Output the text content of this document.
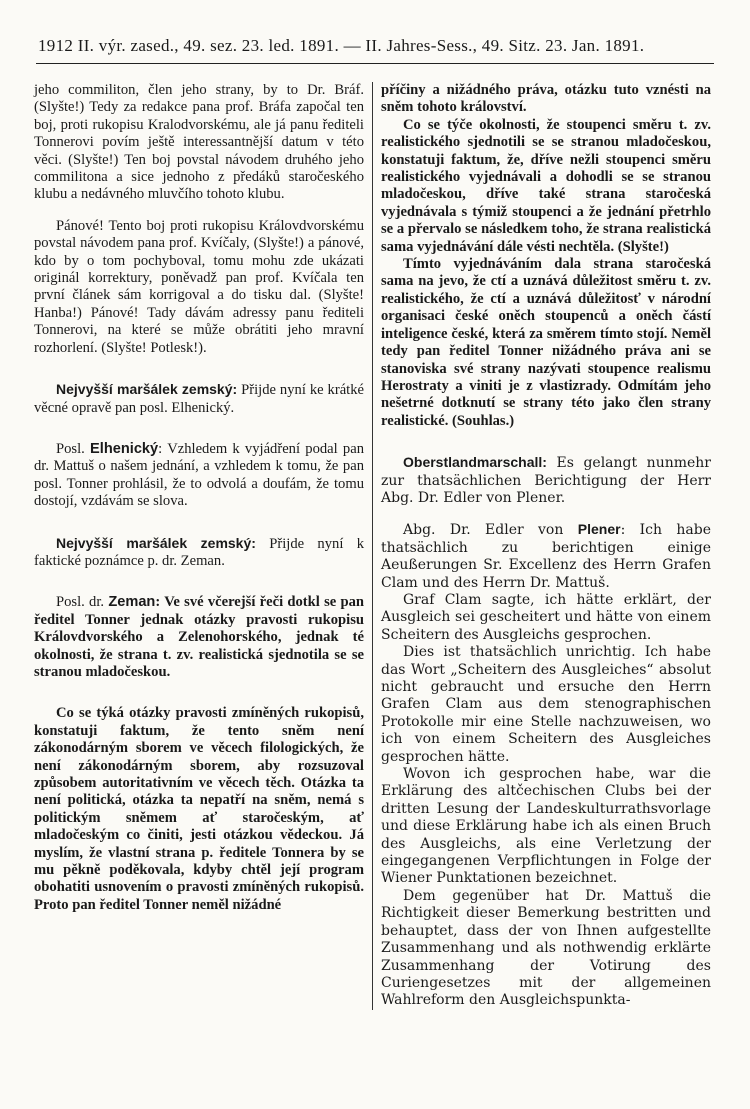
1912 II. výr. zased., 49. sez. 23. led. 1891. — II. Jahres-Sess., 49. Sitz. 23. Jan. 1891.

jeho commiliton, člen jeho strany, by to Dr. Bráf. (Slyšte!) Tedy za redakce pana prof. Bráfa započal ten boj, proti rukopisu Kralodvorskému, ale já panu řediteli Tonnerovi povím ještě interessantnější datum v této věci. (Slyšte!) Ten boj povstal návodem druhého jeho commilitona a sice jednoho z předáků staročeského klubu a nedávného mluvčího tohoto klubu.

Pánové! Tento boj proti rukopisu Královdvorskému povstal návodem pana prof. Kvíčaly, (Slyšte!) a pánové, kdo by o tom pochyboval, tomu mohu zde ukázati originál korrektury, poněvadž pan prof. Kvíčala ten první článek sám korrigoval a do tisku dal. (Slyšte! Hanba!) Pánové! Tady dávám adressy panu řediteli Tonnerovi, na které se může obrátiti jeho mravní rozhorlení. (Slyšte! Potlesk!).

Nejvyšší maršálek zemský: Přijde nyní ke krátké věcné opravě pan posl. Elhenický.

Posl. Elhenický: Vzhledem k vyjádření podal pan dr. Mattuš o našem jednání, a vzhledem k tomu, že pan posl. Tonner prohlásil, že to odvolá a doufám, že tomu dostojí, vzdávám se slova.

Nejvyšší maršálek zemský: Přijde nyní k faktické poznámce p. dr. Zeman.

Posl. dr. Zeman: Ve své včerejší řeči dotkl se pan ředitel Tonner jednak otázky pravosti rukopisu Královdvorského a Zelenohorského, jednak té okolnosti, že strana t. zv. realistická sjednotila se se stranou mladočeskou.

Co se týká otázky pravosti zmíněných rukopisů, konstatuji faktum, že tento sněm není zákonodárným sborem ve věcech filologických, že není zákonodárným sborem, aby rozsuzoval způsobem autoritativním ve věcech těch. Otázka ta není politická, otázka ta nepatří na sněm, nemá s politickým sněmem ať staročeským, ať mladočeským co činiti, jesti otázkou vědeckou. Já myslím, že vlastní strana p. ředitele Tonnera by se mu pěkně poděkovala, kdyby chtěl její program obohatiti usnovením o pravosti zmíněných rukopisů. Proto pan ředitel Tonner neměl nižádné

příčiny a nižádného práva, otázku tuto vznésti na sněm tohoto království.

Co se týče okolnosti, že stoupenci směru t. zv. realistického sjednotili se se stranou mladočeskou, konstatuji faktum, že, dříve nežli stoupenci směru realistického vyjednávali a dohodli se se stranou mladočeskou, dříve také strana staročeská vyjednávala s týmiž stoupenci a že jednání přetrhlo se a přervalo se následkem toho, že strana realistická sama vyjednávání dále vésti nechtěla. (Slyšte!)

Tímto vyjednáváním dala strana staročeská sama na jevo, že ctí a uznává důležitost směru t. zv. realistického, že ctí a uznává důležitosť v národní organisaci české oněch stoupenců a oněch částí inteligence české, která za směrem tímto stojí. Neměl tedy pan ředitel Tonner nižádného práva ani se stanoviska své strany nazývati stoupence realismu Herostraty a viniti je z vlastizrady. Odmítám jeho nešetrné dotknutí se strany této jako člen strany realistické. (Souhlas.)

Oberstlandmarschall: Es gelangt nunmehr zur thatsächlichen Berichtigung der Herr Abg. Dr. Edler von Plener.

Abg. Dr. Edler von Plener: Ich habe thatsächlich zu berichtigen einige Aeußerungen Sr. Excellenz des Herrn Grafen Clam und des Herrn Dr. Mattuš.

Graf Clam sagte, ich hätte erklärt, der Ausgleich sei gescheitert und hätte von einem Scheitern des Ausgleichs gesprochen.

Dies ist thatsächlich unrichtig. Ich habe das Wort „Scheitern des Ausgleiches“ absolut nicht gebraucht und ersuche den Herrn Grafen Clam aus dem stenographischen Protokolle mir eine Stelle nachzuweisen, wo ich von einem Scheitern des Ausgleiches gesprochen hätte.

Wovon ich gesprochen habe, war die Erklärung des altčechischen Clubs bei der dritten Lesung der Landeskulturrathsvorlage und diese Erklärung habe ich als einen Bruch des Ausgleichs, als eine Verletzung der eingegangenen Verpflichtungen in Folge der Wiener Punktationen bezeichnet.

Dem gegenüber hat Dr. Mattuš die Richtigkeit dieser Bemerkung bestritten und behauptet, dass der von Ihnen aufgestellte Zusammenhang und als nothwendig erklärte Zusammenhang der Votirung des Curiengesetzes mit der allgemeinen Wahlreform den Ausgleichspunkta-
